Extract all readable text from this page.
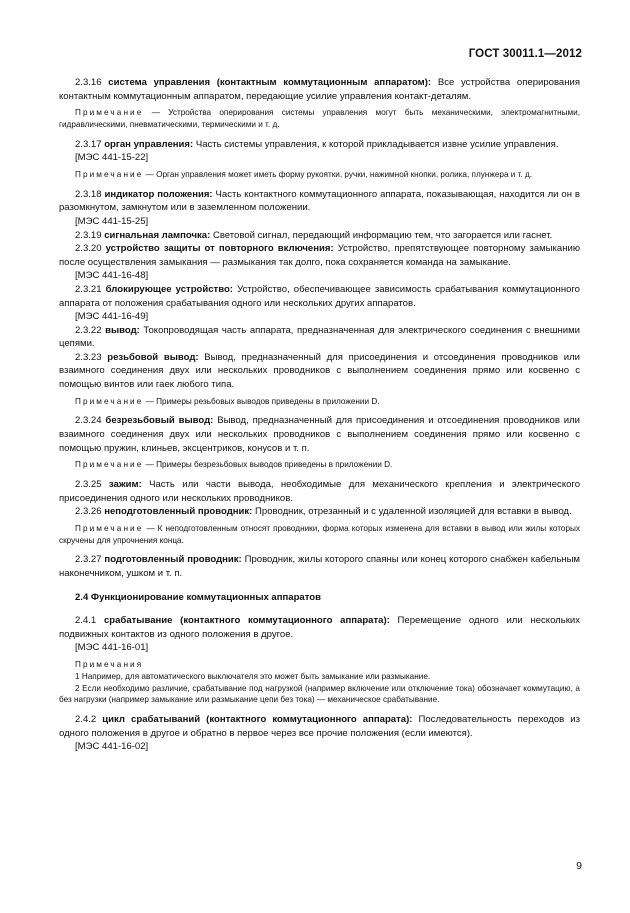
ГОСТ 30011.1—2012

2.3.16 система управления (контактным коммутационным аппаратом): Все устройства оперирования контактным коммутационным аппаратом, передающие усилие управления контакт-деталям.

Примечание — Устройства оперирования системы управления могут быть механическими, электромагнитными, гидравлическими, пневматическими, термическими и т. д.

2.3.17 орган управления: Часть системы управления, к которой прикладывается извне усилие управления.

[МЭС 441-15-22]

Примечание — Орган управления может иметь форму рукоятки, ручки, нажимной кнопки, ролика, плунжера и т. д.

2.3.18 индикатор положения: Часть контактного коммутационного аппарата, показывающая, находится ли он в разомкнутом, замкнутом или в заземленном положении.

[МЭС 441-15-25]

2.3.19 сигнальная лампочка: Световой сигнал, передающий информацию тем, что загорается или гаснет.

2.3.20 устройство защиты от повторного включения: Устройство, препятствующее повторному замыканию после осуществления замыкания — размыкания так долго, пока сохраняется команда на замыкание.

[МЭС 441-16-48]

2.3.21 блокирующее устройство: Устройство, обеспечивающее зависимость срабатывания коммутационного аппарата от положения срабатывания одного или нескольких других аппаратов.

[МЭС 441-16-49]

2.3.22 вывод: Токопроводящая часть аппарата, предназначенная для электрического соединения с внешними цепями.

2.3.23 резьбовой вывод: Вывод, предназначенный для присоединения и отсоединения проводников или взаимного соединения двух или нескольких проводников с выполнением соединения прямо или косвенно с помощью винтов или гаек любого типа.

Примечание — Примеры резьбовых выводов приведены в приложении D.

2.3.24 безрезьбовый вывод: Вывод, предназначенный для присоединения и отсоединения проводников или взаимного соединения двух или нескольких проводников с выполнением соединения прямо или косвенно с помощью пружин, клиньев, эксцентриков, конусов и т. п.

Примечание — Примеры безрезьбовых выводов приведены в приложении D.

2.3.25 зажим: Часть или части вывода, необходимые для механического крепления и электрического присоединения одного или нескольких проводников.

2.3.26 неподготовленный проводник: Проводник, отрезанный и с удаленной изоляцией для вставки в вывод.

Примечание — К неподготовленным относят проводники, форма которых изменена для вставки в вывод или жилы которых скручены для упрочнения конца.

2.3.27 подготовленный проводник: Проводник, жилы которого спаяны или конец которого снабжен кабельным наконечником, ушком и т. п.

2.4 Функционирование коммутационных аппаратов

2.4.1 срабатывание (контактного коммутационного аппарата): Перемещение одного или нескольких подвижных контактов из одного положения в другое.

[МЭС 441-16-01]

Примечания

1 Например, для автоматического выключателя это может быть замыкание или размыкание.

2 Если необходимо различие, срабатывание под нагрузкой (например включение или отключение тока) обозначает коммутацию, а без нагрузки (например замыкание или размыкание цепи без тока) — механическое срабатывание.

2.4.2 цикл срабатываний (контактного коммутационного аппарата): Последовательность переходов из одного положения в другое и обратно в первое через все прочие положения (если имеются).

[МЭС 441-16-02]

9
